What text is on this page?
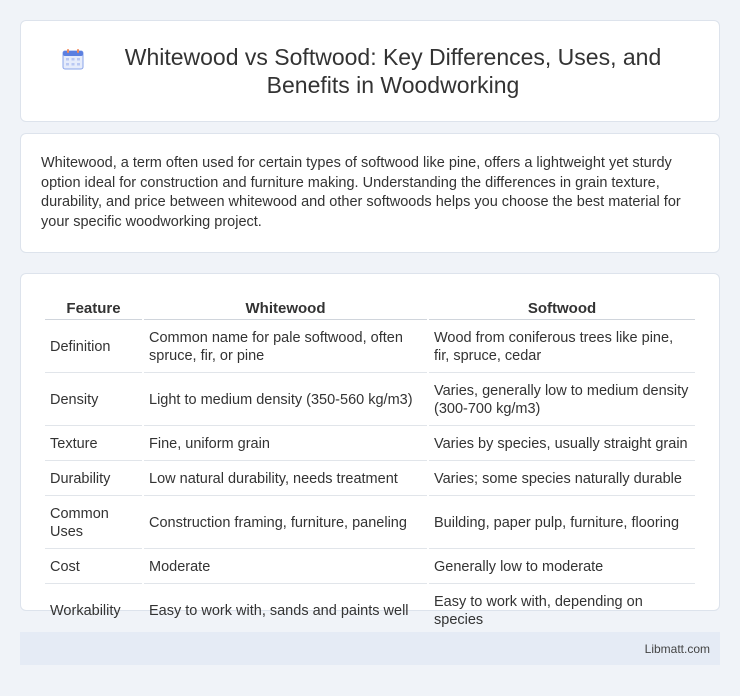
Whitewood vs Softwood: Key Differences, Uses, and Benefits in Woodworking

Whitewood, a term often used for certain types of softwood like pine, offers a lightweight yet sturdy option ideal for construction and furniture making. Understanding the differences in grain texture, durability, and price between whitewood and other softwoods helps you choose the best material for your specific woodworking project.

Feature	Whitewood	Softwood
Definition	Common name for pale softwood, often spruce, fir, or pine	Wood from coniferous trees like pine, fir, spruce, cedar
Density	Light to medium density (350-560 kg/m3)	Varies, generally low to medium density (300-700 kg/m3)
Texture	Fine, uniform grain	Varies by species, usually straight grain
Durability	Low natural durability, needs treatment	Varies; some species naturally durable
Common Uses	Construction framing, furniture, paneling	Building, paper pulp, furniture, flooring
Cost	Moderate	Generally low to moderate
Workability	Easy to work with, sands and paints well	Easy to work with, depending on species
Libmatt.com
